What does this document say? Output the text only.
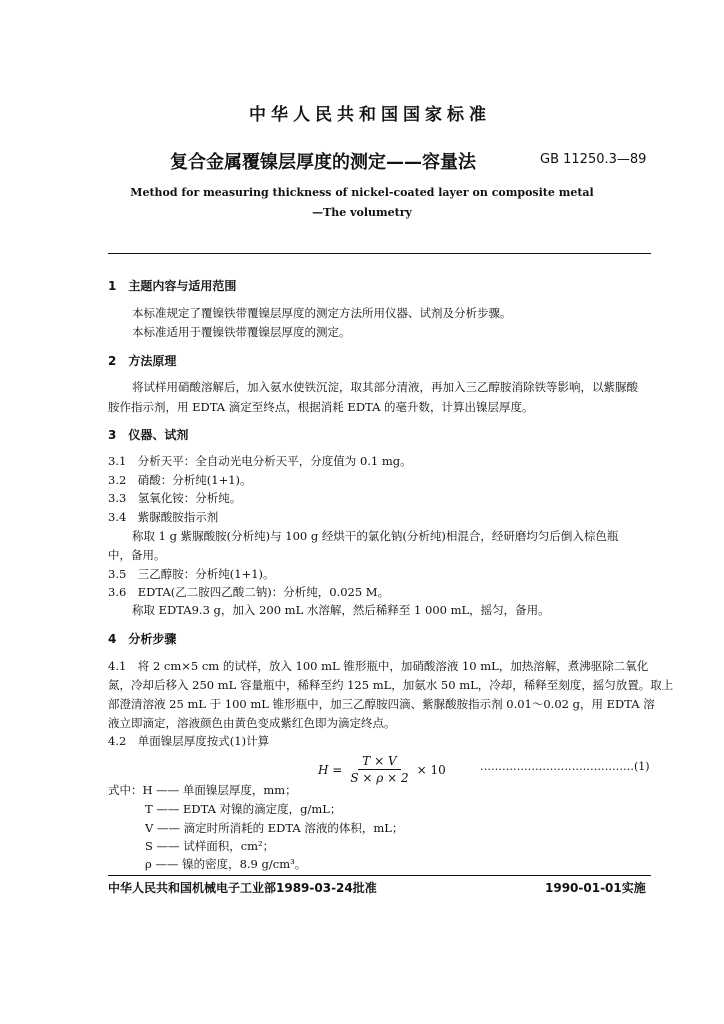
中华人民共和国国家标准
复合金属覆镍层厚度的测定——容量法	GB 11250.3—89
Method for measuring thickness of nickel-coated layer on composite metal
—The volumetry
1　主题内容与适用范围
本标准规定了覆镍铁带覆镍层厚度的测定方法所用仪器、试剂及分析步骤。
本标准适用于覆镍铁带覆镍层厚度的测定。
2　方法原理
将试样用硝酸溶解后，加入氨水使铁沉淀，取其部分清液，再加入三乙醇胺消除铁等影响，以紫脲酸
胺作指示剂，用 EDTA 滴定至终点，根据消耗 EDTA 的毫升数，计算出镍层厚度。
3　仪器、试剂
3.1　分析天平：全自动光电分析天平，分度值为 0.1 mg。
3.2　硝酸：分析纯(1+1)。
3.3　氢氧化铵：分析纯。
3.4　紫脲酸胺指示剂
称取 1 g 紫脲酸胺(分析纯)与 100 g 经烘干的氯化钠(分析纯)相混合，经研磨均匀后倒入棕色瓶
中，备用。
3.5　三乙醇胺：分析纯(1+1)。
3.6　EDTA(乙二胺四乙酸二钠)：分析纯，0.025 M。
称取 EDTA9.3 g，加入 200 mL 水溶解，然后稀释至 1 000 mL，摇匀，备用。
4　分析步骤
4.1　将 2 cm×5 cm 的试样，放入 100 mL 锥形瓶中，加硝酸溶液 10 mL，加热溶解，煮沸驱除二氧化
氮，冷却后移入 250 mL 容量瓶中，稀释至约 125 mL，加氨水 50 mL，冷却，稀释至刻度，摇匀放置。取上
部澄清溶液 25 mL 于 100 mL 锥形瓶中，加三乙醇胺四滴、紫脲酸胺指示剂 0.01～0.02 g，用 EDTA 溶
液立即滴定，溶液颜色由黄色变成紫红色即为滴定终点。
4.2　单面镍层厚度按式(1)计算
$H = \frac{T \times V}{S \times \rho \times 2} \times 10$	……………………………………(1)
式中：H —— 单面镍层厚度，mm；
T —— EDTA 对镍的滴定度，g/mL；
V —— 滴定时所消耗的 EDTA 溶液的体积，mL；
S —— 试样面积，cm²；
ρ —— 镍的密度，8.9 g/cm³。
中华人民共和国机械电子工业部1989-03-24批准	1990-01-01实施
